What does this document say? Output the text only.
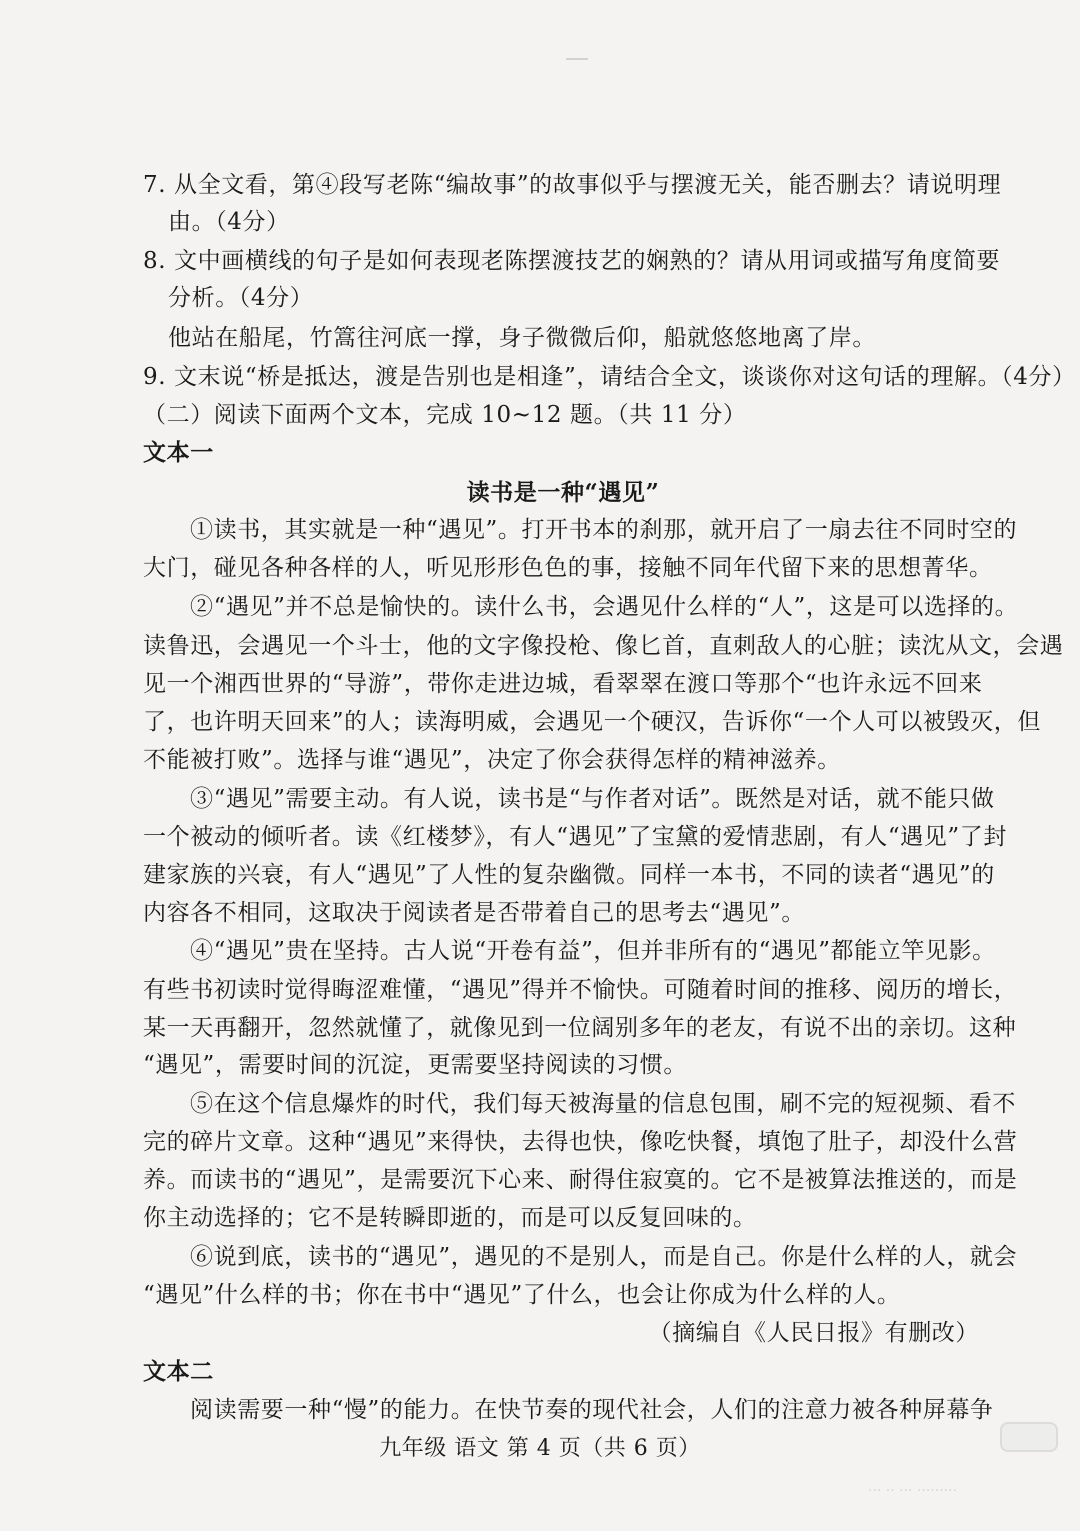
7. 从全文看，第④段写老陈“编故事”的故事似乎与摆渡无关，能否删去？请说明理
由。（4分）
8. 文中画横线的句子是如何表现老陈摆渡技艺的娴熟的？请从用词或描写角度简要
分析。（4分）
他站在船尾，竹篙往河底一撑，身子微微后仰，船就悠悠地离了岸。
9. 文末说“桥是抵达，渡是告别也是相逢”，请结合全文，谈谈你对这句话的理解。（4分）
（二）阅读下面两个文本，完成 10~12 题。（共 11 分）
文本一
读书是一种“遇见”
①读书，其实就是一种“遇见”。打开书本的刹那，就开启了一扇去往不同时空的
大门，碰见各种各样的人，听见形形色色的事，接触不同年代留下来的思想菁华。
②“遇见”并不总是愉快的。读什么书，会遇见什么样的“人”，这是可以选择的。
读鲁迅，会遇见一个斗士，他的文字像投枪、像匕首，直刺敌人的心脏；读沈从文，会遇
见一个湘西世界的“导游”，带你走进边城，看翠翠在渡口等那个“也许永远不回来
了，也许明天回来”的人；读海明威，会遇见一个硬汉，告诉你“一个人可以被毁灭，但
不能被打败”。选择与谁“遇见”，决定了你会获得怎样的精神滋养。
③“遇见”需要主动。有人说，读书是“与作者对话”。既然是对话，就不能只做
一个被动的倾听者。读《红楼梦》，有人“遇见”了宝黛的爱情悲剧，有人“遇见”了封
建家族的兴衰，有人“遇见”了人性的复杂幽微。同样一本书，不同的读者“遇见”的
内容各不相同，这取决于阅读者是否带着自己的思考去“遇见”。
④“遇见”贵在坚持。古人说“开卷有益”，但并非所有的“遇见”都能立竿见影。
有些书初读时觉得晦涩难懂，“遇见”得并不愉快。可随着时间的推移、阅历的增长，
某一天再翻开，忽然就懂了，就像见到一位阔别多年的老友，有说不出的亲切。这种
“遇见”，需要时间的沉淀，更需要坚持阅读的习惯。
⑤在这个信息爆炸的时代，我们每天被海量的信息包围，刷不完的短视频、看不
完的碎片文章。这种“遇见”来得快，去得也快，像吃快餐，填饱了肚子，却没什么营
养。而读书的“遇见”，是需要沉下心来、耐得住寂寞的。它不是被算法推送的，而是
你主动选择的；它不是转瞬即逝的，而是可以反复回味的。
⑥说到底，读书的“遇见”，遇见的不是别人，而是自己。你是什么样的人，就会
“遇见”什么样的书；你在书中“遇见”了什么，也会让你成为什么样的人。
（摘编自《人民日报》有删改）
文本二
阅读需要一种“慢”的能力。在快节奏的现代社会，人们的注意力被各种屏幕争
九年级 语文 第 4 页（共 6 页）
··· ·· ··· ·········
